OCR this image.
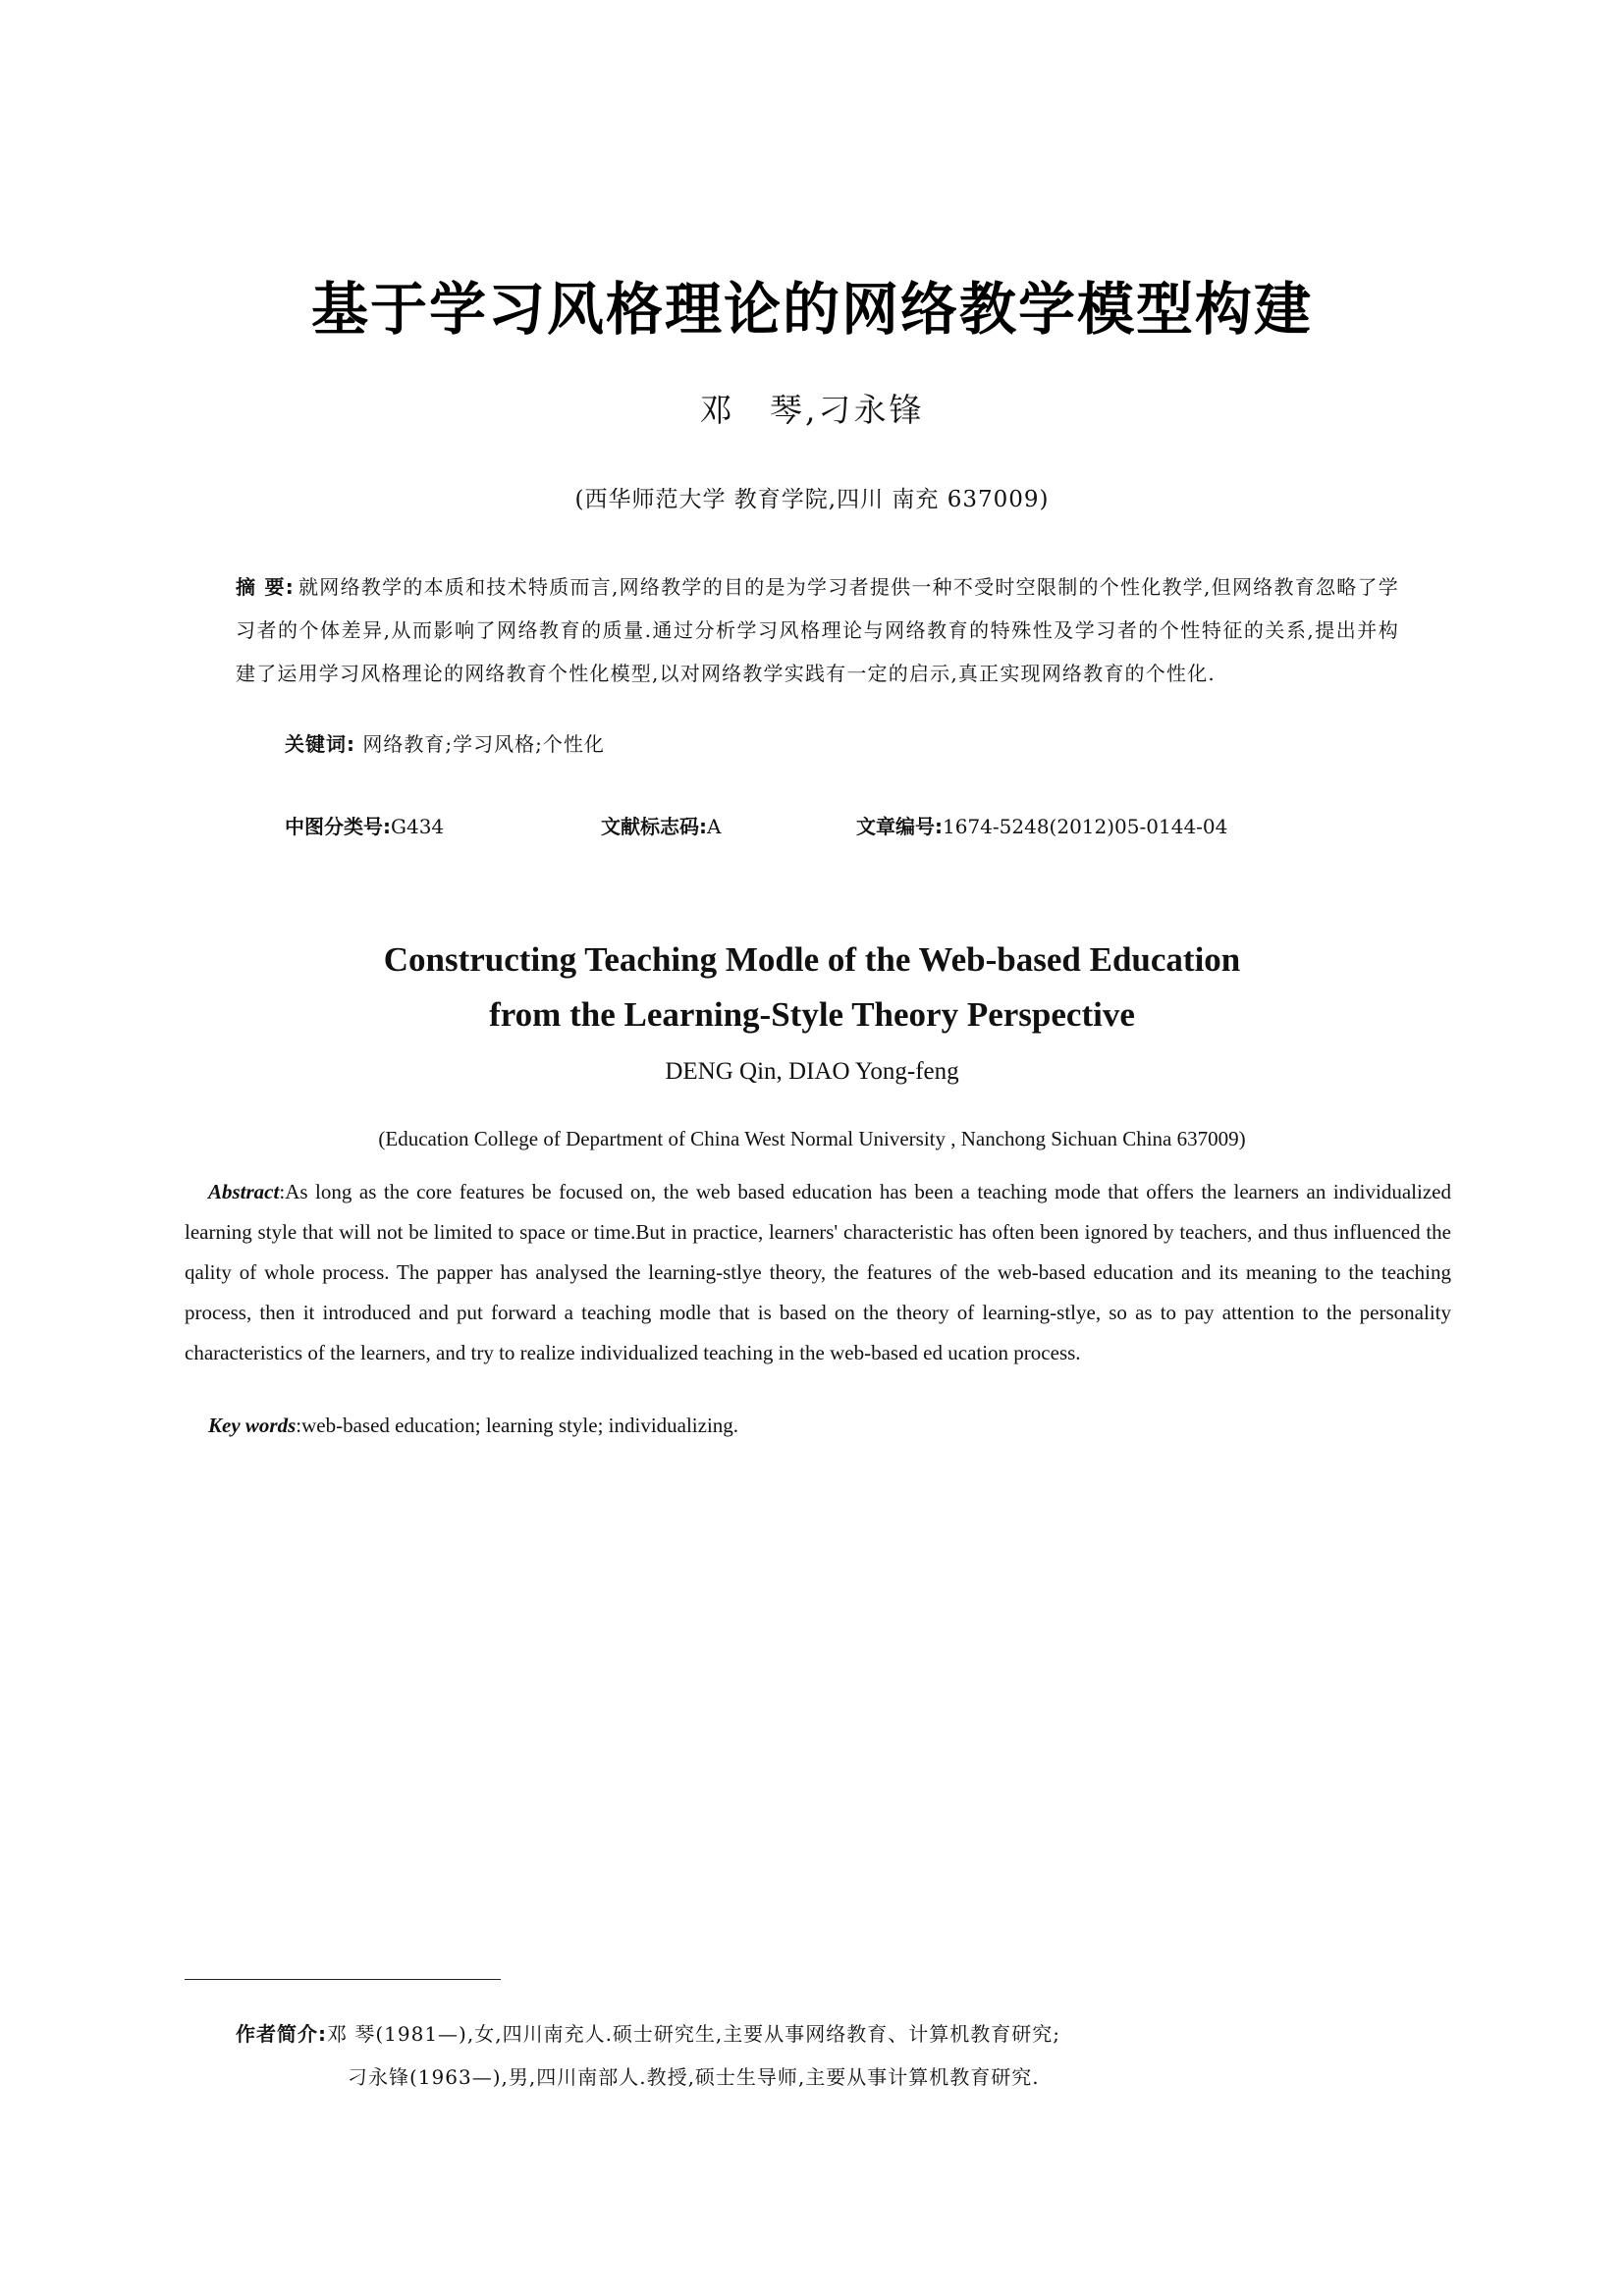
基于学习风格理论的网络教学模型构建
邓 琴,刁永锋
(西华师范大学 教育学院,四川 南充 637009)
摘 要: 就网络教学的本质和技术特质而言,网络教学的目的是为学习者提供一种不受时空限制的个性化教学,但网络教育忽略了学习者的个体差异,从而影响了网络教育的质量.通过分析学习风格理论与网络教育的特殊性及学习者的个性特征的关系,提出并构建了运用学习风格理论的网络教育个性化模型,以对网络教学实践有一定的启示,真正实现网络教育的个性化.
关键词: 网络教育;学习风格;个性化
中图分类号:G434	文献标志码:A	文章编号:1674-5248(2012)05-0144-04
Constructing Teaching Modle of the Web-based Education
from the Learning-Style Theory Perspective
DENG Qin, DIAO Yong-feng
(Education College of Department of China West Normal University , Nanchong Sichuan China 637009)
Abstract:As long as the core features be focused on, the web based education has been a teaching mode that offers the learners an individualized learning style that will not be limited to space or time.But in practice, learners' characteristic has often been ignored by teachers, and thus influenced the qality of whole process. The papper has analysed the learning-stlye theory, the features of the web-based education and its meaning to the teaching process, then it introduced and put forward a teaching modle that is based on the theory of learning-stlye, so as to pay attention to the personality characteristics of the learners, and try to realize individualized teaching in the web-based ed ucation process.
Key words:web-based education; learning style; individualizing.
作者简介:邓 琴(1981—),女,四川南充人.硕士研究生,主要从事网络教育、计算机教育研究;
刁永锋(1963—),男,四川南部人.教授,硕士生导师,主要从事计算机教育研究.
